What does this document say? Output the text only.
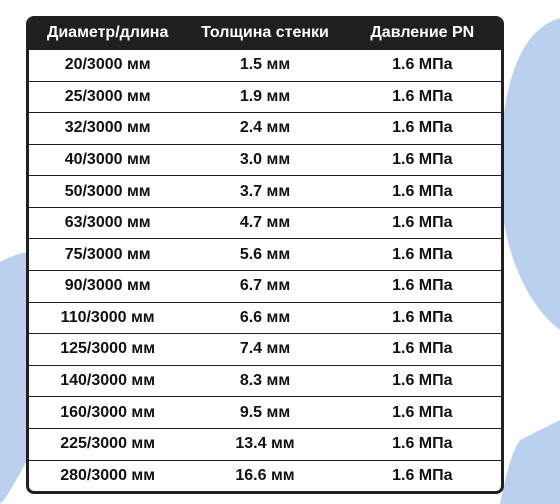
Диаметр/длина	Толщина стенки	Давление PN
20/3000 мм	1.5 мм	1.6 МПа
25/3000 мм	1.9 мм	1.6 МПа
32/3000 мм	2.4 мм	1.6 МПа
40/3000 мм	3.0 мм	1.6 МПа
50/3000 мм	3.7 мм	1.6 МПа
63/3000 мм	4.7 мм	1.6 МПа
75/3000 мм	5.6 мм	1.6 МПа
90/3000 мм	6.7 мм	1.6 МПа
110/3000 мм	6.6 мм	1.6 МПа
125/3000 мм	7.4 мм	1.6 МПа
140/3000 мм	8.3 мм	1.6 МПа
160/3000 мм	9.5 мм	1.6 МПа
225/3000 мм	13.4 мм	1.6 МПа
280/3000 мм	16.6 мм	1.6 МПа
